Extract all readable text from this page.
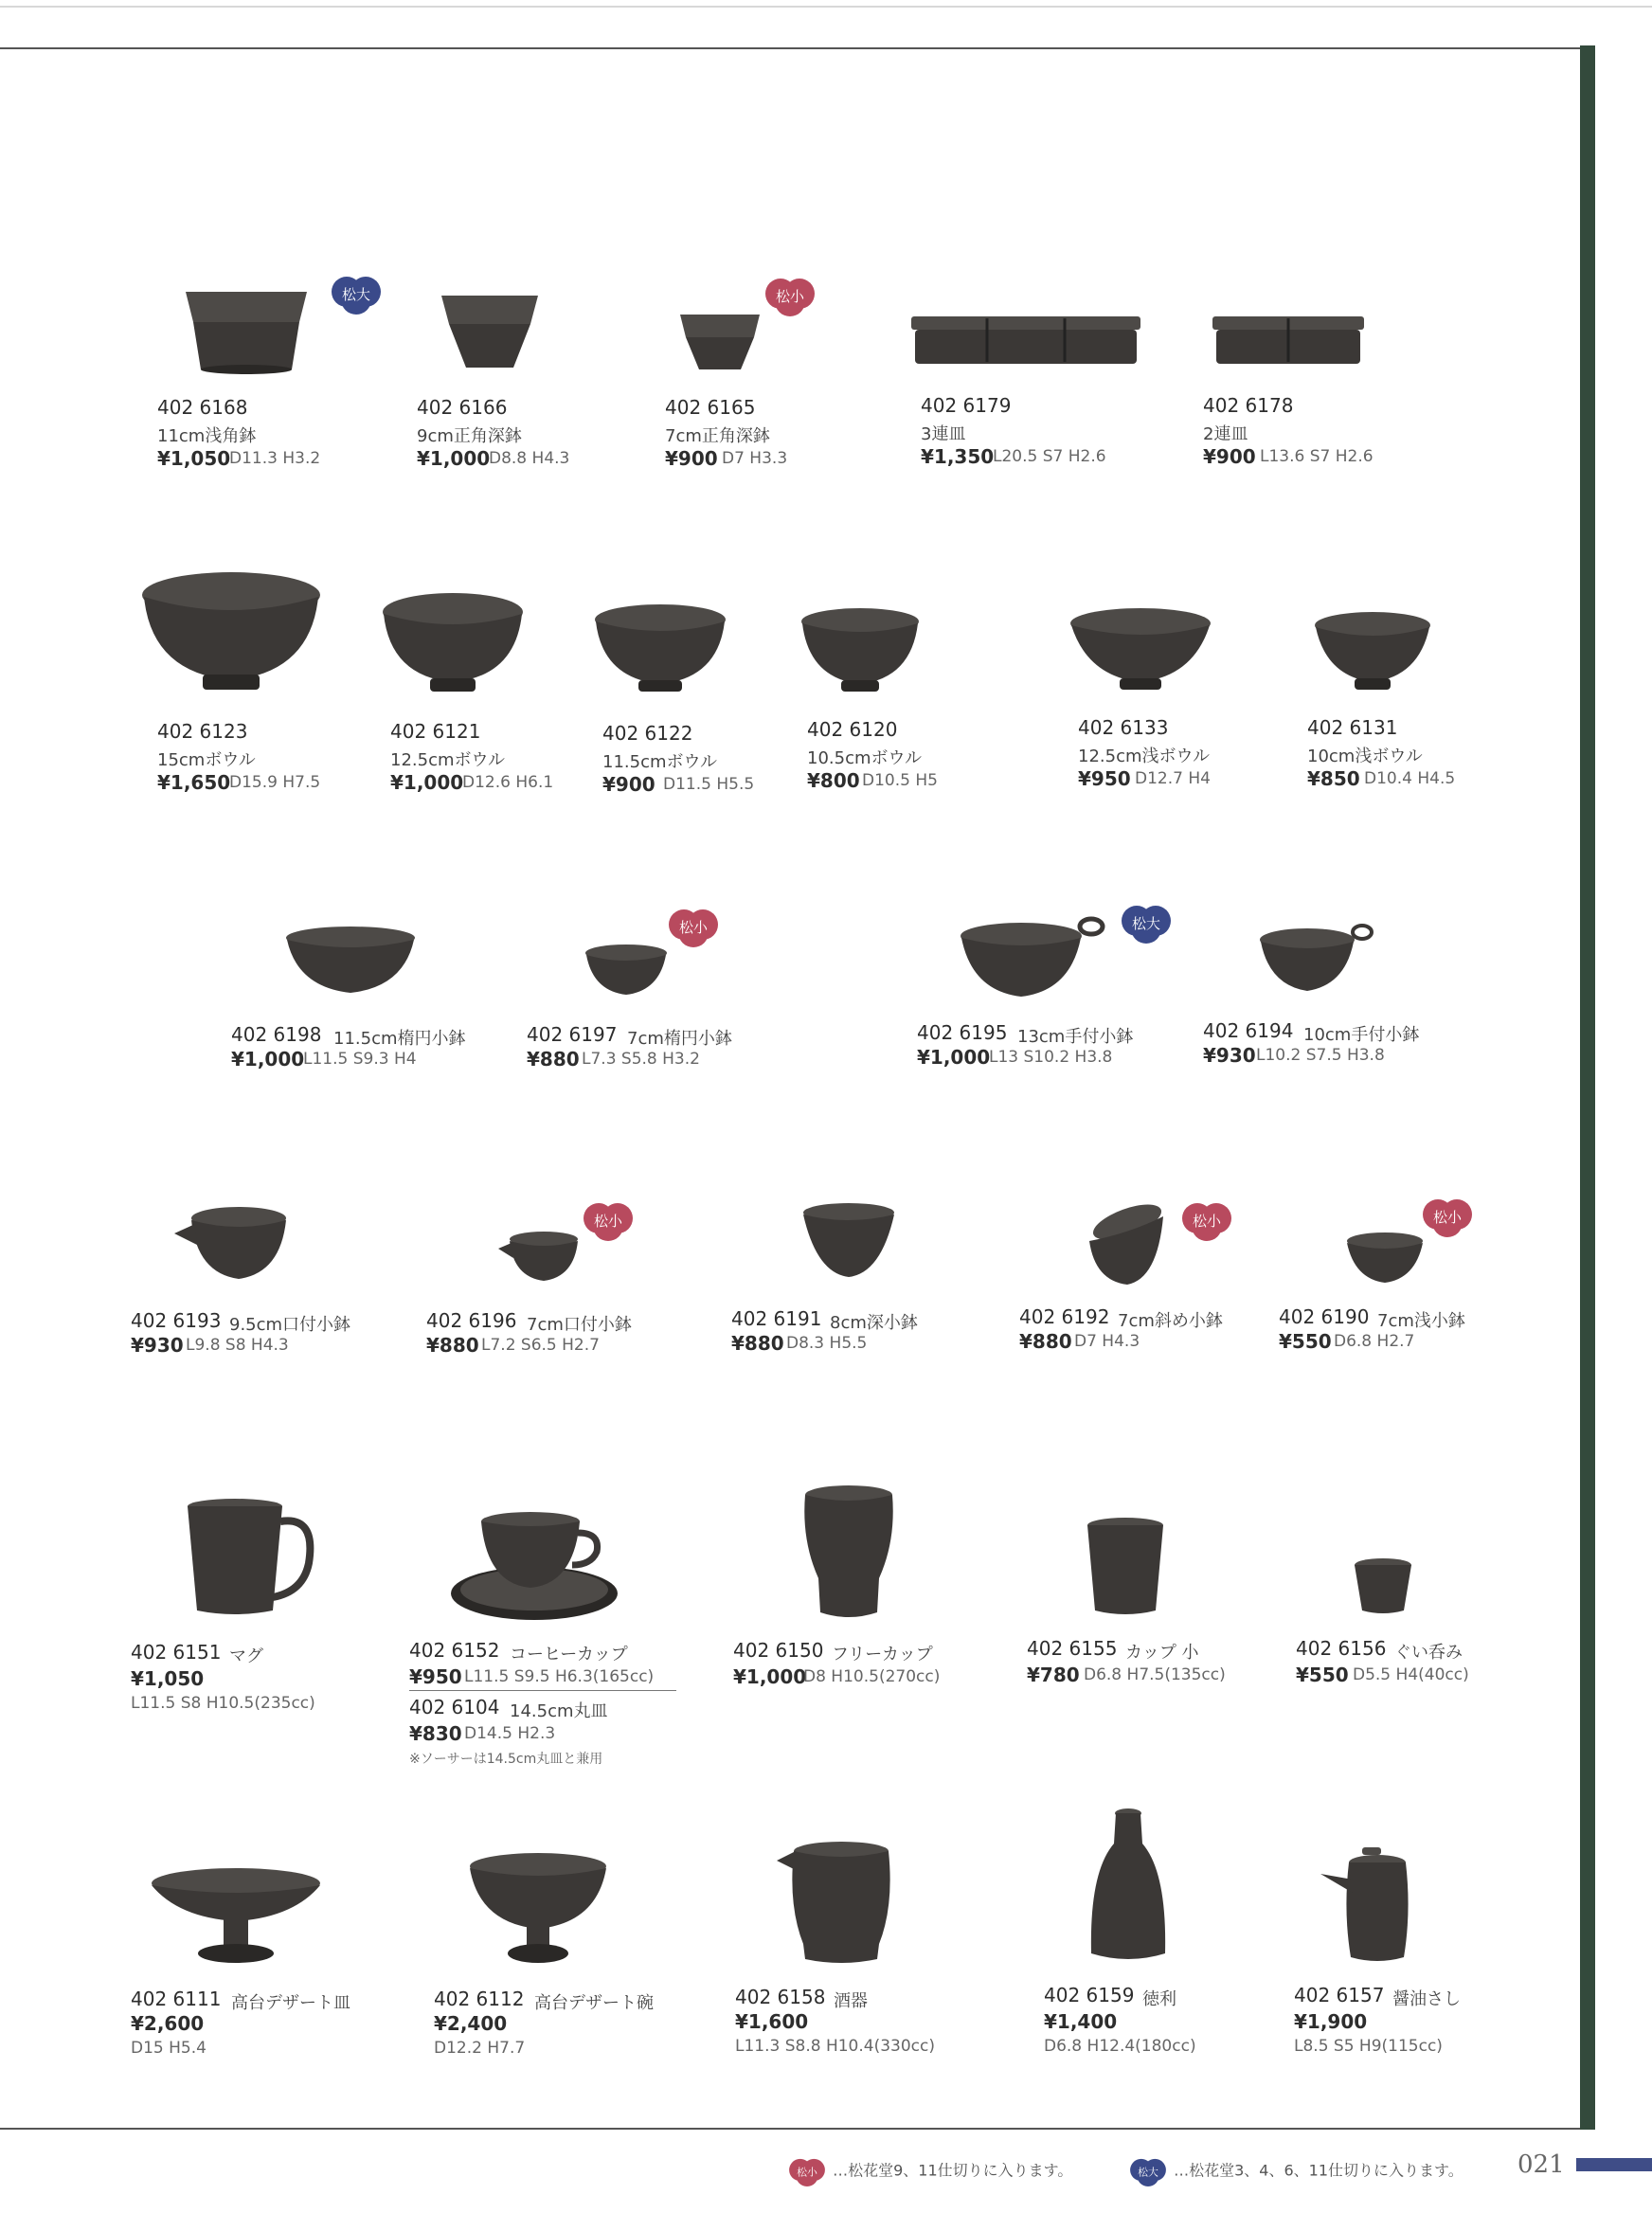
松大
402 6168
11cm浅角鉢
¥1,050
D11.3 H3.2
402 6166
9cm正角深鉢
¥1,000
D8.8 H4.3
松小
402 6165
7cm正角深鉢
¥900 D7 H3.3
402 6179
3連皿
¥1,350
L20.5 S7 H2.6
402 6178
2連皿
¥900 L13.6 S7 H2.6
402 6123
15cmボウル
¥1,650
D15.9 H7.5
402 6121
12.5cmボウル
¥1,000
D12.6 H6.1
402 6122
11.5cmボウル
¥900 D11.5 H5.5
402 6120
10.5cmボウル
¥800 D10.5 H5
402 6133
12.5cm浅ボウル
¥950 D12.7 H4
402 6131
10cm浅ボウル
¥850 D10.4 H4.5
402 6198 11.5cm楕円小鉢
¥1,000
L11.5 S9.3 H4
松小
402 6197 7cm楕円小鉢
¥880 L7.3 S5.8 H3.2
松大
402 6195 13cm手付小鉢
¥1,000
L13 S10.2 H3.8
402 6194 10cm手付小鉢
¥930 L10.2 S7.5 H3.8
402 6193 9.5cm口付小鉢
¥930 L9.8 S8 H4.3
松小
402 6196 7cm口付小鉢
¥880 L7.2 S6.5 H2.7
402 6191 8cm深小鉢
¥880 D8.3 H5.5
松小
402 6192 7cm斜め小鉢
¥880 D7 H4.3
松小
402 6190 7cm浅小鉢
¥550 D6.8 H2.7
402 6151 マグ
¥1,050
L11.5 S8 H10.5(235cc)
402 6152 コーヒーカップ
¥950 L11.5 S9.5 H6.3(165cc)
402 6104 14.5cm丸皿
¥830 D14.5 H2.3
※ソーサーは14.5cm丸皿と兼用
402 6150 フリーカップ
¥1,000
D8 H10.5(270cc)
402 6155 カップ 小
¥780 D6.8 H7.5(135cc)
402 6156 ぐい呑み
¥550 D5.5 H4(40cc)
402 6111 高台デザート皿
¥2,600
D15 H5.4
402 6112 高台デザート碗
¥2,400
D12.2 H7.7
402 6158 酒器
¥1,600
L11.3 S8.8 H10.4(330cc)
402 6159 徳利
¥1,400
D6.8 H12.4(180cc)
402 6157 醤油さし
¥1,900
L8.5 S5 H9(115cc)
松小 …松花堂9、11仕切りに入ります。	松大 …松花堂3、4、6、11仕切りに入ります。 021
